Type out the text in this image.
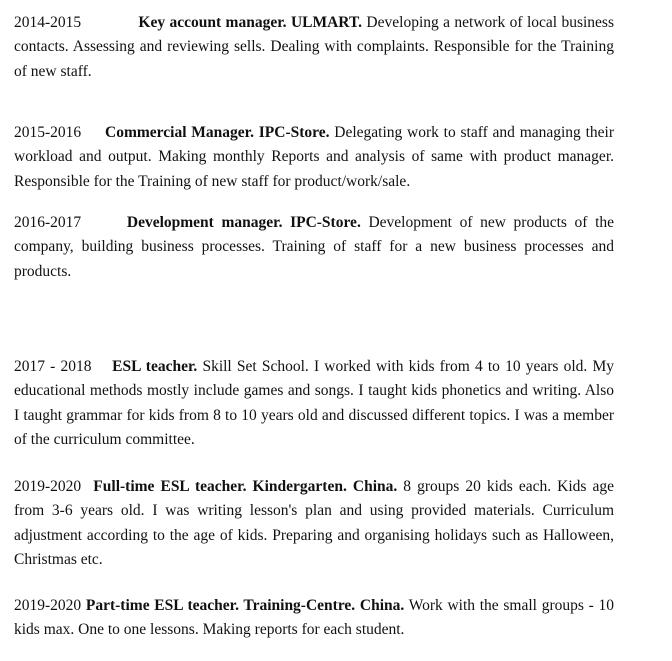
2014-2015	Key account manager. ULMART. Developing a network of local business contacts. Assessing and reviewing sells. Dealing with complaints. Responsible for the Training of new staff.

2015-2016 Commercial Manager. IPC-Store. Delegating work to staff and managing their workload and output. Making monthly Reports and analysis of same with product manager. Responsible for the Training of new staff for product/work/sale.

2016-2017	Development manager. IPC-Store. Development of new products of the company, building business processes. Training of staff for a new business processes and products.

2017 - 2018 ESL teacher. Skill Set School. I worked with kids from 4 to 10 years old. My educational methods mostly include games and songs. I taught kids phonetics and writing. Also I taught grammar for kids from 8 to 10 years old and discussed different topics. I was a member of the curriculum committee.

2019-2020 Full-time ESL teacher. Kindergarten. China. 8 groups 20 kids each. Kids age from 3-6 years old. I was writing lesson's plan and using provided materials. Curriculum adjustment according to the age of kids. Preparing and organising holidays such as Halloween, Christmas etc.

2019-2020 Part-time ESL teacher. Training-Centre. China. Work with the small groups - 10 kids max. One to one lessons. Making reports for each student.
